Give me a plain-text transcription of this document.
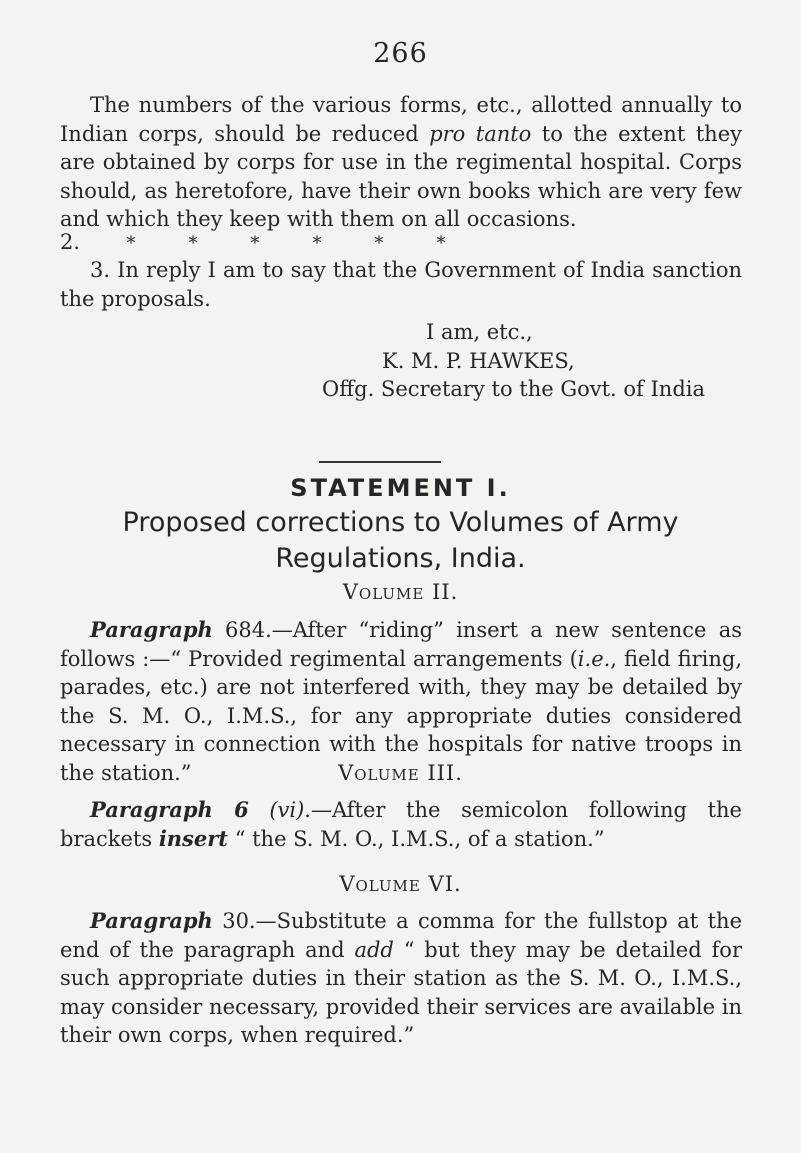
266

The numbers of the various forms, etc., allotted annually to Indian corps, should be reduced pro tanto to the extent they are obtained by corps for use in the regimental hospital. Corps should, as heretofore, have their own books which are very few and which they keep with them on all occasions.

2.	*	*	*	*	*	*

3. In reply I am to say that the Government of India sanction the proposals.

I am, etc.,
K. M. P. HAWKES,
Offg. Secretary to the Govt. of India
STATEMENT I.
Proposed corrections to Volumes of Army
Regulations, India.
Volume II.

Paragraph 684.—After “riding” insert a new sentence as follows :—“ Provided regimental arrangements (i.e., field firing, parades, etc.) are not interfered with, they may be detailed by the S. M. O., I.M.S., for any appropriate duties considered necessary in connection with the hospitals for native troops in the station.”	Volume III.

Paragraph 6 (vi).—After the semicolon following the brackets insert “ the S. M. O., I.M.S., of a station.”

Volume VI.

Paragraph 30.—Substitute a comma for the fullstop at the end of the paragraph and add “ but they may be detailed for such appropriate duties in their station as the S. M. O., I.M.S., may consider necessary, provided their services are available in their own corps, when required.”
